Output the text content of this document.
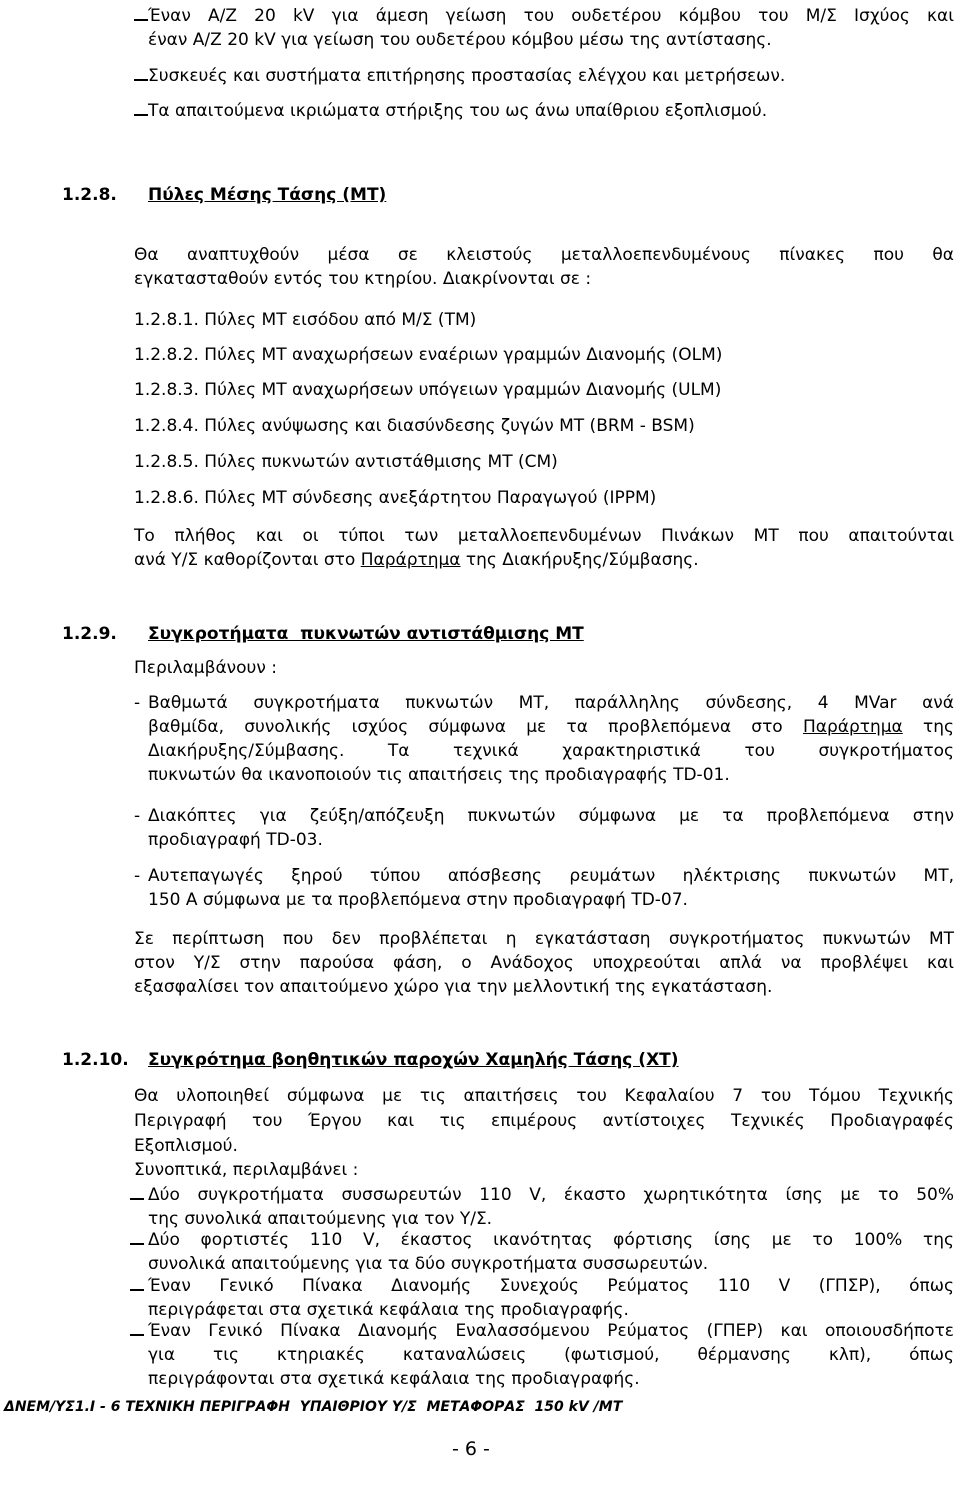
Έναν Α/Ζ 20 kV για άμεση γείωση του ουδετέρου κόμβου του Μ/Σ Ισχύος και
έναν Α/Ζ 20 kV για γείωση του ουδετέρου κόμβου μέσω της αντίστασης.
Συσκευές και συστήματα επιτήρησης προστασίας ελέγχου και μετρήσεων.
Τα απαιτούμενα ικριώματα στήριξης του ως άνω υπαίθριου εξοπλισμού.
1.2.8. Πύλες Μέσης Τάσης (ΜΤ)
Θα αναπτυχθούν μέσα σε κλειστούς μεταλλοεπενδυμένους πίνακες που θα
εγκατασταθούν εντός του κτηρίου. Διακρίνονται σε :
1.2.8.1. Πύλες ΜΤ εισόδου από Μ/Σ (ΤΜ)
1.2.8.2. Πύλες ΜΤ αναχωρήσεων εναέριων γραμμών Διανομής (OLM)
1.2.8.3. Πύλες ΜΤ αναχωρήσεων υπόγειων γραμμών Διανομής (ULM)
1.2.8.4. Πύλες ανύψωσης και διασύνδεσης ζυγών ΜΤ (BRM - BSM)
1.2.8.5. Πύλες πυκνωτών αντιστάθμισης ΜΤ (CM)
1.2.8.6. Πύλες ΜΤ σύνδεσης ανεξάρτητου Παραγωγού (IPPM)
Το πλήθος και οι τύποι των μεταλλοεπενδυμένων Πινάκων ΜΤ που απαιτούνται
ανά Υ/Σ καθορίζονται στο Παράρτημα της Διακήρυξης/Σύμβασης.
1.2.9. Συγκροτήματα  πυκνωτών αντιστάθμισης ΜΤ
Περιλαμβάνουν :
- Βαθμωτά συγκροτήματα πυκνωτών ΜΤ, παράλληλης σύνδεσης, 4 MVar ανά
βαθμίδα, συνολικής ισχύος σύμφωνα με τα προβλεπόμενα στο Παράρτημα της
Διακήρυξης/Σύμβασης. Τα τεχνικά χαρακτηριστικά του συγκροτήματος
πυκνωτών θα ικανοποιούν τις απαιτήσεις της προδιαγραφής TD-01.
- Διακόπτες για ζεύξη/απόζευξη πυκνωτών σύμφωνα με τα προβλεπόμενα στην
προδιαγραφή TD-03.
- Αυτεπαγωγές ξηρού τύπου απόσβεσης ρευμάτων ηλέκτρισης πυκνωτών ΜΤ,
150 A σύμφωνα με τα προβλεπόμενα στην προδιαγραφή TD-07.
Σε περίπτωση που δεν προβλέπεται η εγκατάσταση συγκροτήματος πυκνωτών ΜΤ
στον Υ/Σ στην παρούσα φάση, ο Ανάδοχος υποχρεούται απλά να προβλέψει και
εξασφαλίσει τον απαιτούμενο χώρο για την μελλοντική της εγκατάσταση.
1.2.10. Συγκρότημα βοηθητικών παροχών Χαμηλής Τάσης (ΧΤ)
Θα υλοποιηθεί σύμφωνα με τις απαιτήσεις του Κεφαλαίου 7 του Τόμου Τεχνικής
Περιγραφή του Έργου και τις επιμέρους αντίστοιχες Τεχνικές Προδιαγραφές
Εξοπλισμού.
Συνοπτικά, περιλαμβάνει :
Δύο συγκροτήματα συσσωρευτών 110 V, έκαστο χωρητικότητα ίσης με το 50%
της συνολικά απαιτούμενης για τον Υ/Σ.
Δύο φορτιστές 110 V, έκαστος ικανότητας φόρτισης ίσης με το 100% της
συνολικά απαιτούμενης για τα δύο συγκροτήματα συσσωρευτών.
Έναν Γενικό Πίνακα Διανομής Συνεχούς Ρεύματος 110 V (ΓΠΣΡ), όπως
περιγράφεται στα σχετικά κεφάλαια της προδιαγραφής.
Έναν Γενικό Πίνακα Διανομής Εναλασσόμενου Ρεύματος (ΓΠΕΡ) και οποιουσδήποτε
για τις κτηριακές καταναλώσεις (φωτισμού, θέρμανσης κλπ), όπως
περιγράφονται στα σχετικά κεφάλαια της προδιαγραφής.
ΔΝΕΜ/ΥΣ1.Ι - 6 ΤΕΧΝΙΚΗ ΠΕΡΙΓΡΑΦΗ  ΥΠΑΙΘΡΙΟΥ Υ/Σ  ΜΕΤΑΦΟΡΑΣ  150 kV /ΜΤ
- 6 -
